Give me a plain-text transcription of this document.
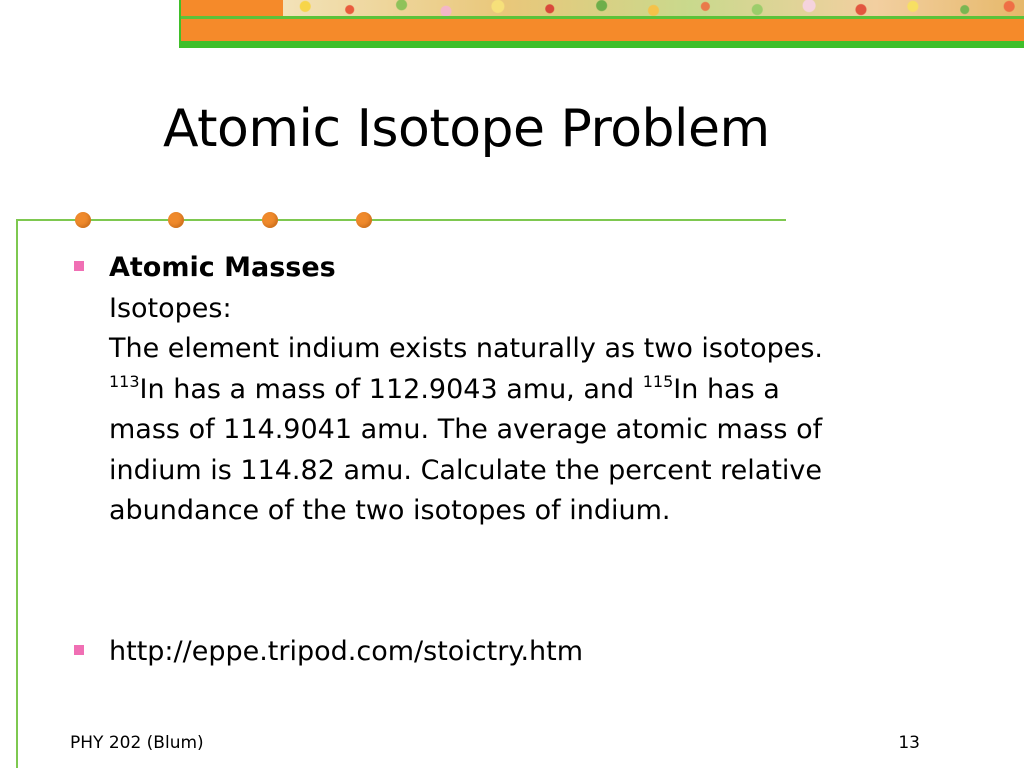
Atomic Isotope Problem
Atomic Masses
Isotopes:
The element indium exists naturally as two isotopes.
$^{113}$In has a mass of 112.9043 amu, and $^{115}$In has a
mass of 114.9041 amu. The average atomic mass of
indium is 114.82 amu. Calculate the percent relative
abundance of the two isotopes of indium.
http://eppe.tripod.com/stoictry.htm
PHY 202 (Blum)	13
